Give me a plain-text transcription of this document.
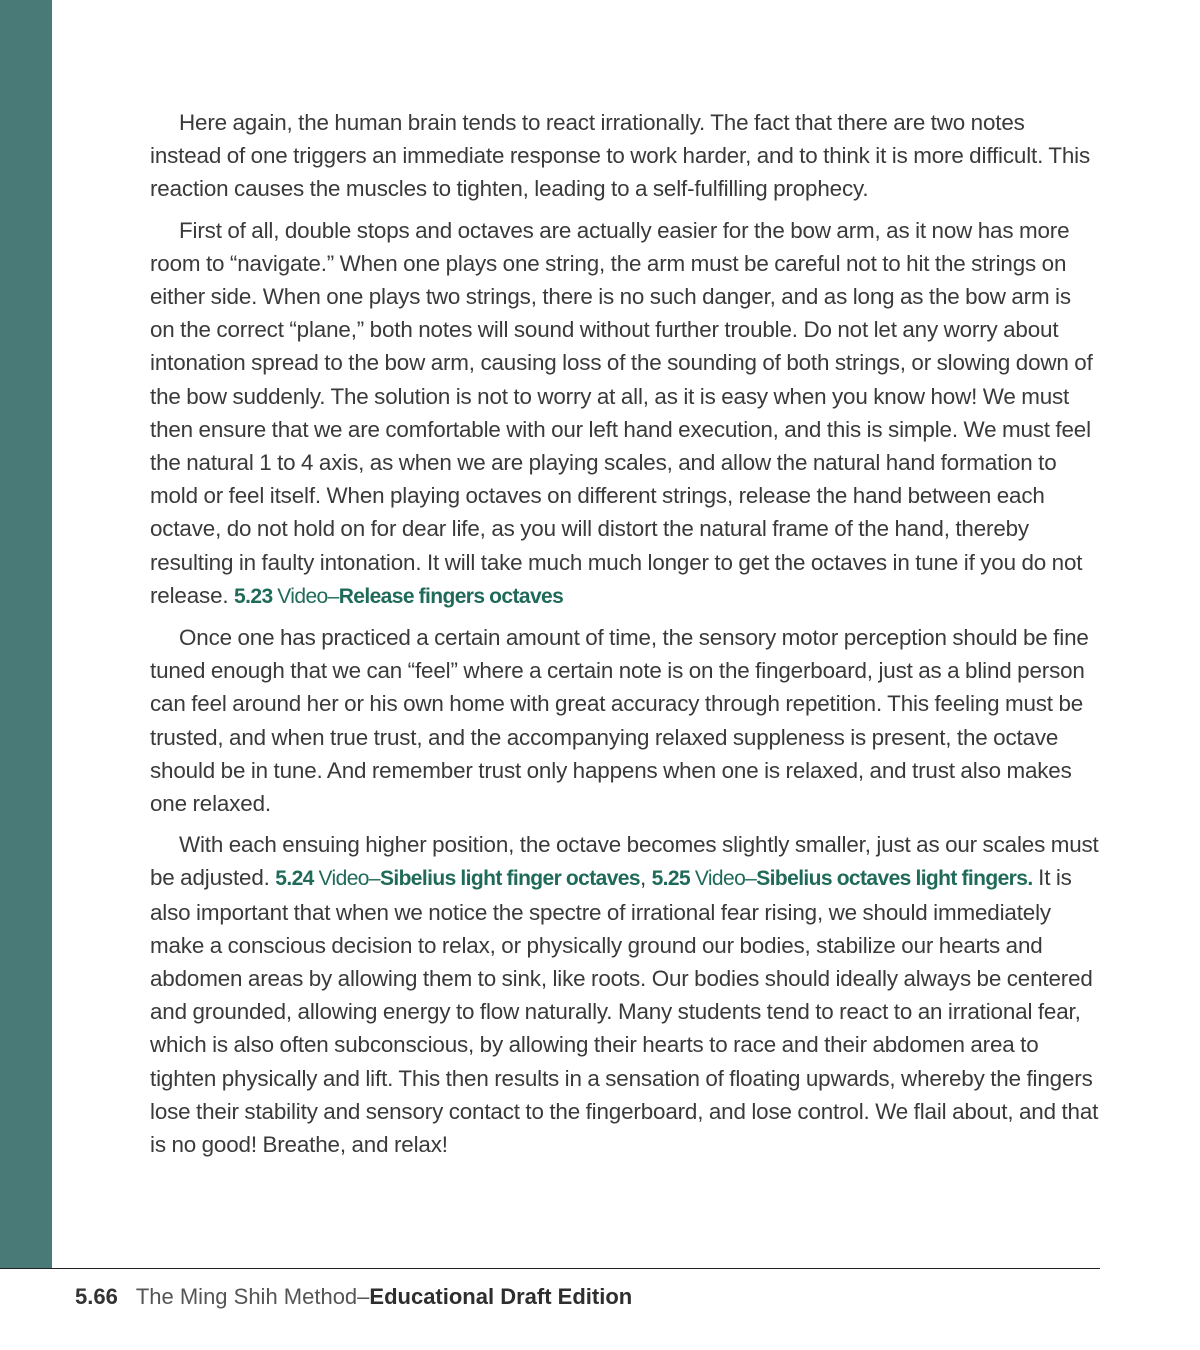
Here again, the human brain tends to react irrationally. The fact that there are two notes instead of one triggers an immediate response to work harder, and to think it is more difficult. This reaction causes the muscles to tighten, leading to a self-fulfilling prophecy.

First of all, double stops and octaves are actually easier for the bow arm, as it now has more room to “navigate.” When one plays one string, the arm must be careful not to hit the strings on either side. When one plays two strings, there is no such danger, and as long as the bow arm is on the correct “plane,” both notes will sound without further trouble. Do not let any worry about intonation spread to the bow arm, causing loss of the sounding of both strings, or slowing down of the bow suddenly. The solution is not to worry at all, as it is easy when you know how! We must then ensure that we are comfortable with our left hand execution, and this is simple. We must feel the natural 1 to 4 axis, as when we are playing scales, and allow the natural hand formation to mold or feel itself. When playing octaves on different strings, release the hand between each octave, do not hold on for dear life, as you will distort the natural frame of the hand, thereby resulting in faulty intonation. It will take much much longer to get the octaves in tune if you do not release. 5.23 Video–Release fingers octaves

Once one has practiced a certain amount of time, the sensory motor perception should be fine tuned enough that we can “feel” where a certain note is on the fingerboard, just as a blind person can feel around her or his own home with great accuracy through repetition. This feeling must be trusted, and when true trust, and the accompanying relaxed suppleness is present, the octave should be in tune. And remember trust only happens when one is relaxed, and trust also makes one relaxed.

With each ensuing higher position, the octave becomes slightly smaller, just as our scales must be adjusted. 5.24 Video–Sibelius light finger octaves, 5.25 Video–Sibelius octaves light fingers. It is also important that when we notice the spectre of irrational fear rising, we should immediately make a conscious decision to relax, or physically ground our bodies, stabilize our hearts and abdomen areas by allowing them to sink, like roots. Our bodies should ideally always be centered and grounded, allowing energy to flow naturally. Many students tend to react to an irrational fear, which is also often subconscious, by allowing their hearts to race and their abdomen area to tighten physically and lift. This then results in a sensation of floating upwards, whereby the fingers lose their stability and sensory contact to the fingerboard, and lose control. We flail about, and that is no good! Breathe, and relax!

5.66 The Ming Shih Method–Educational Draft Edition
